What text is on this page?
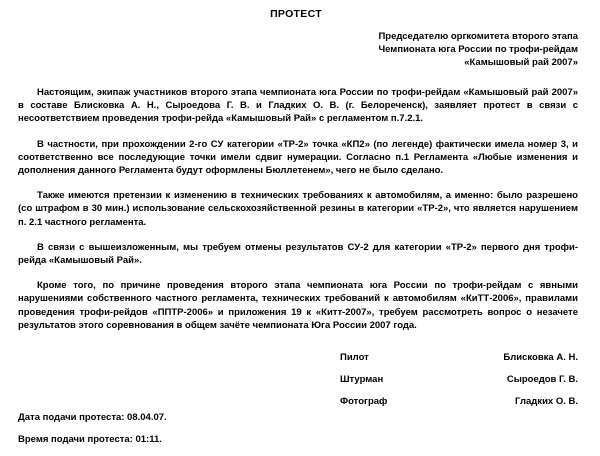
ПРОТЕСТ
Председателю оргкомитета второго этапа
Чемпионата юга России по трофи-рейдам
«Камышовый рай 2007»

Настоящим, экипаж участников второго этапа чемпионата юга России по трофи-рейдам «Камышовый рай 2007» в составе Блисковка А. Н., Сыроедова Г. В. и Гладких О. В. (г. Белореченск), заявляет протест в связи с несоответствием проведения трофи-рейда «Камышовый Рай» с регламентом п.7.2.1.

В частности, при прохождении 2-го СУ категории «ТР-2» точка «КП2» (по легенде) фактически имела номер 3, и соответственно все последующие точки имели сдвиг нумерации. Согласно п.1 Регламента «Любые изменения и дополнения данного Регламента будут оформлены Бюллетенем», чего не было сделано.

Также имеются претензии к изменению в технических требованиях к автомобилям, а именно: было разрешено (со штрафом в 30 мин.) использование сельскохозяйственной резины в категории «ТР-2», что является нарушением п. 2.1 частного регламента.

В связи с вышеизложенным, мы требуем отмены результатов СУ-2 для категории «ТР-2» первого дня трофи-рейда «Камышовый Рай».

Кроме того, по причине проведения второго этапа чемпионата юга России по трофи-рейдам с явными нарушениями собственного частного регламента, технических требований к автомобилям «КиТТ-2006», правилами проведения трофи-рейдов «ППТР-2006» и приложения 19 к «Китт-2007», требуем рассмотреть вопрос о незачете результатов этого соревнования в общем зачёте чемпионата Юга России 2007 года.

Пилот	Блисковка А. Н.
Штурман	Сыроедов Г. В.
Фотограф	Гладких О. В.
Дата подачи протеста: 08.04.07.
Время подачи протеста: 01:11.
